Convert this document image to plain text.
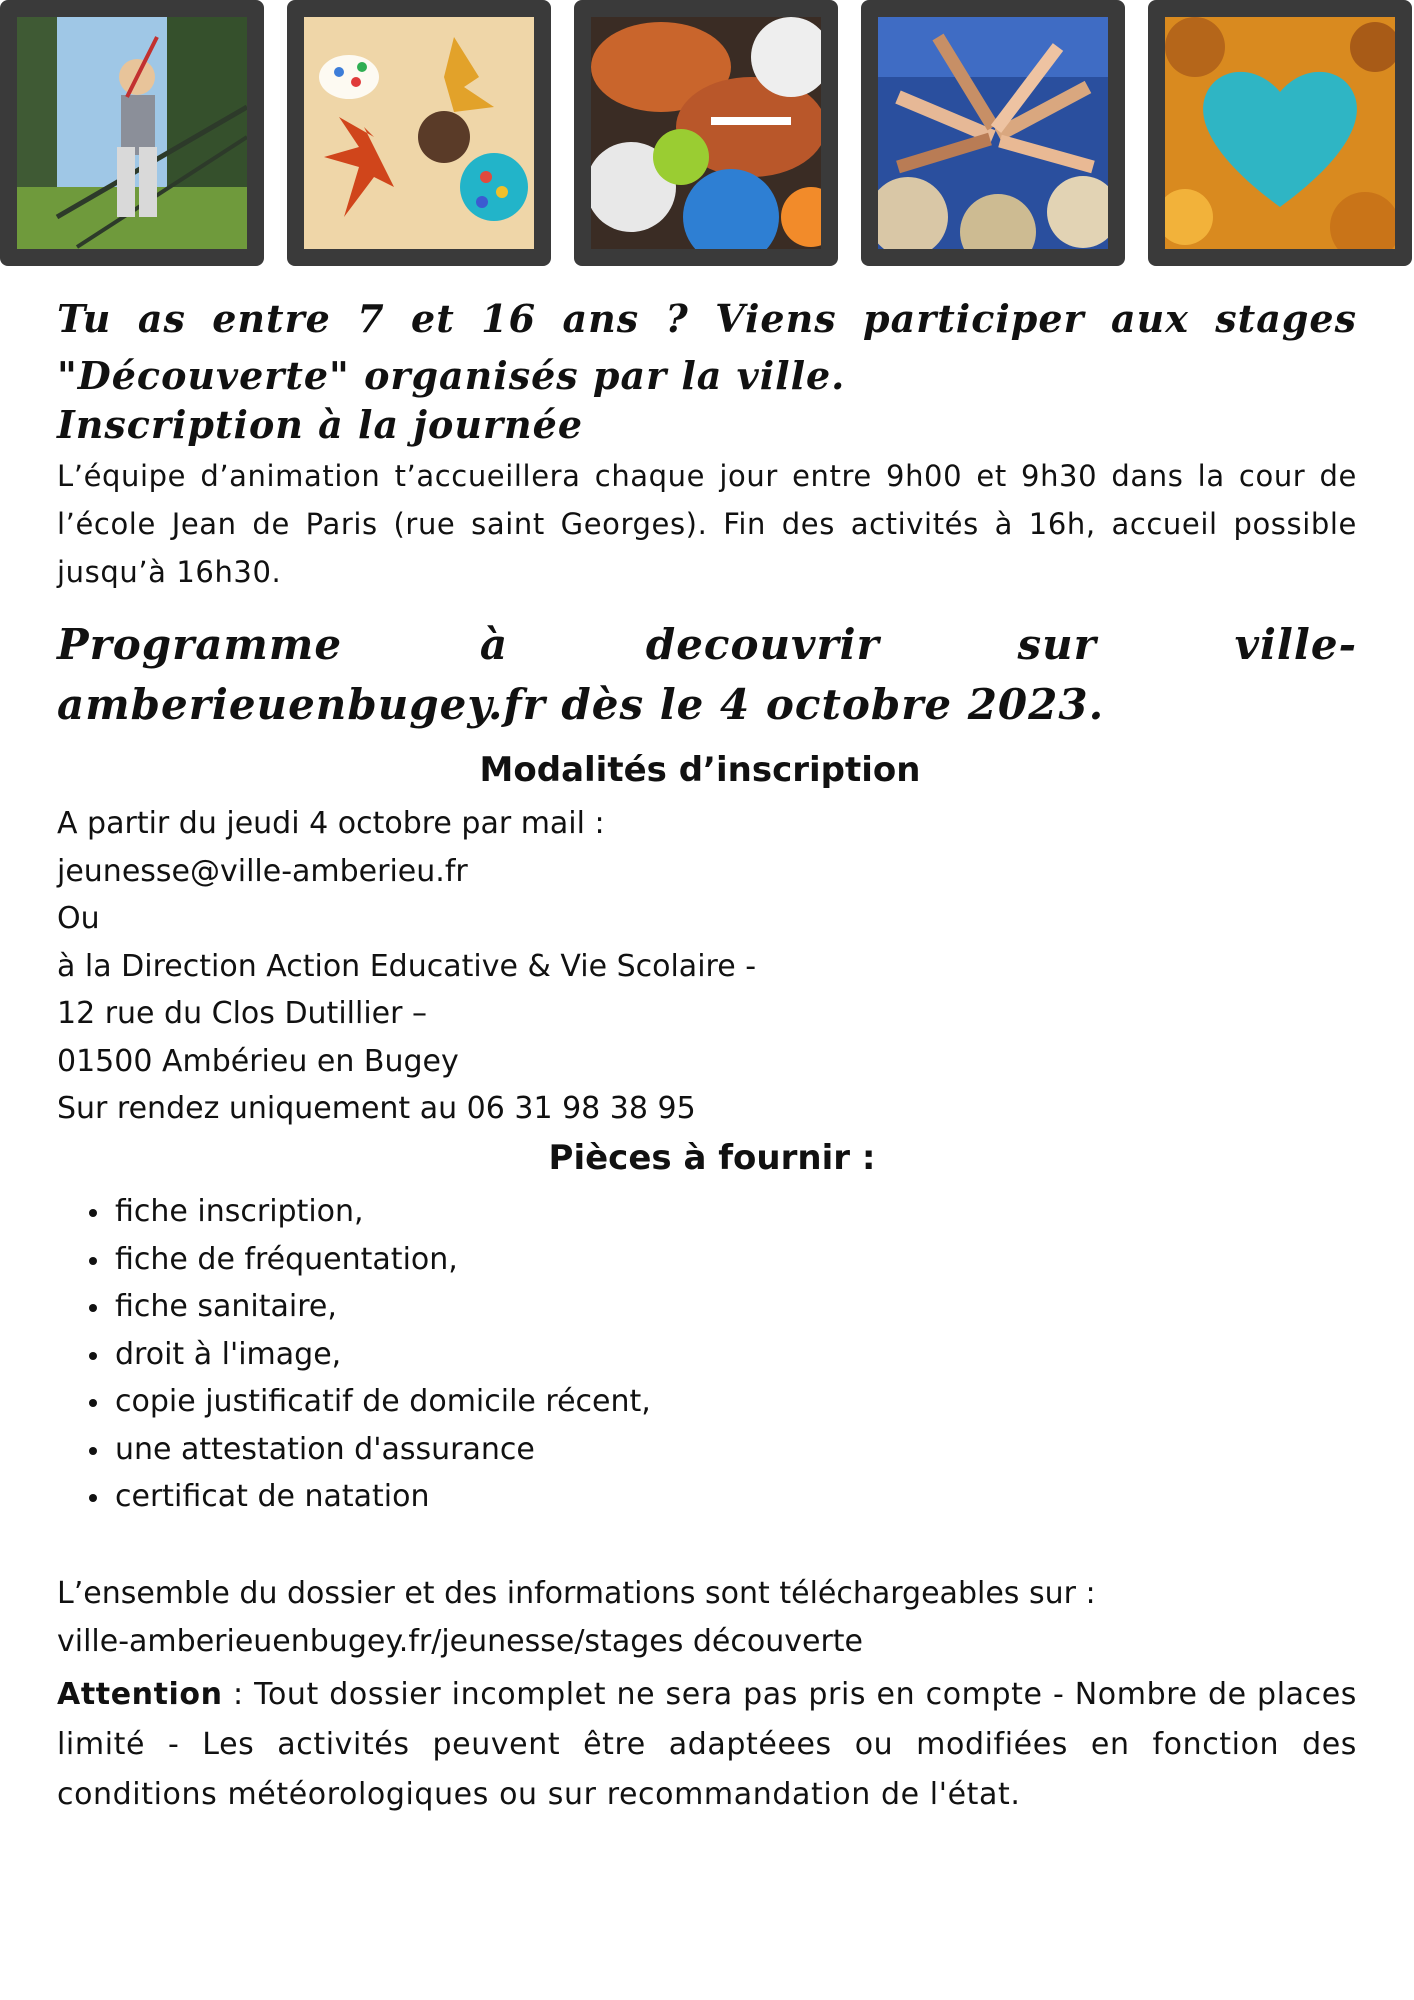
Tu as entre 7 et 16 ans ? Viens participer aux stages "Découverte" organisés par la ville.

Inscription à la journée

L’équipe d’animation t’accueillera chaque jour entre 9h00 et 9h30 dans la cour de l’école Jean de Paris (rue saint Georges). Fin des activités à 16h, accueil possible jusqu’à 16h30.

Programme à decouvrir sur ville-amberieuenbugey.fr dès le 4 octobre 2023.

Modalités d’inscription
A partir du jeudi 4 octobre par mail :
jeunesse@ville-amberieu.fr
Ou
à la Direction Action Educative & Vie Scolaire -
12 rue du Clos Dutillier –
01500 Ambérieu en Bugey
Sur rendez uniquement au 06 31 98 38 95
Pièces à fournir :
fiche inscription,
fiche de fréquentation,
fiche sanitaire,
droit à l'image,
copie justificatif de domicile récent,
une attestation d'assurance
certificat de natation
L’ensemble du dossier et des informations sont téléchargeables sur :
ville-amberieuenbugey.fr/jeunesse/stages découverte

Attention : Tout dossier incomplet ne sera pas pris en compte - Nombre de places limité - Les activités peuvent être adaptéees ou modifiées en fonction des conditions météorologiques ou sur recommandation de l'état.
